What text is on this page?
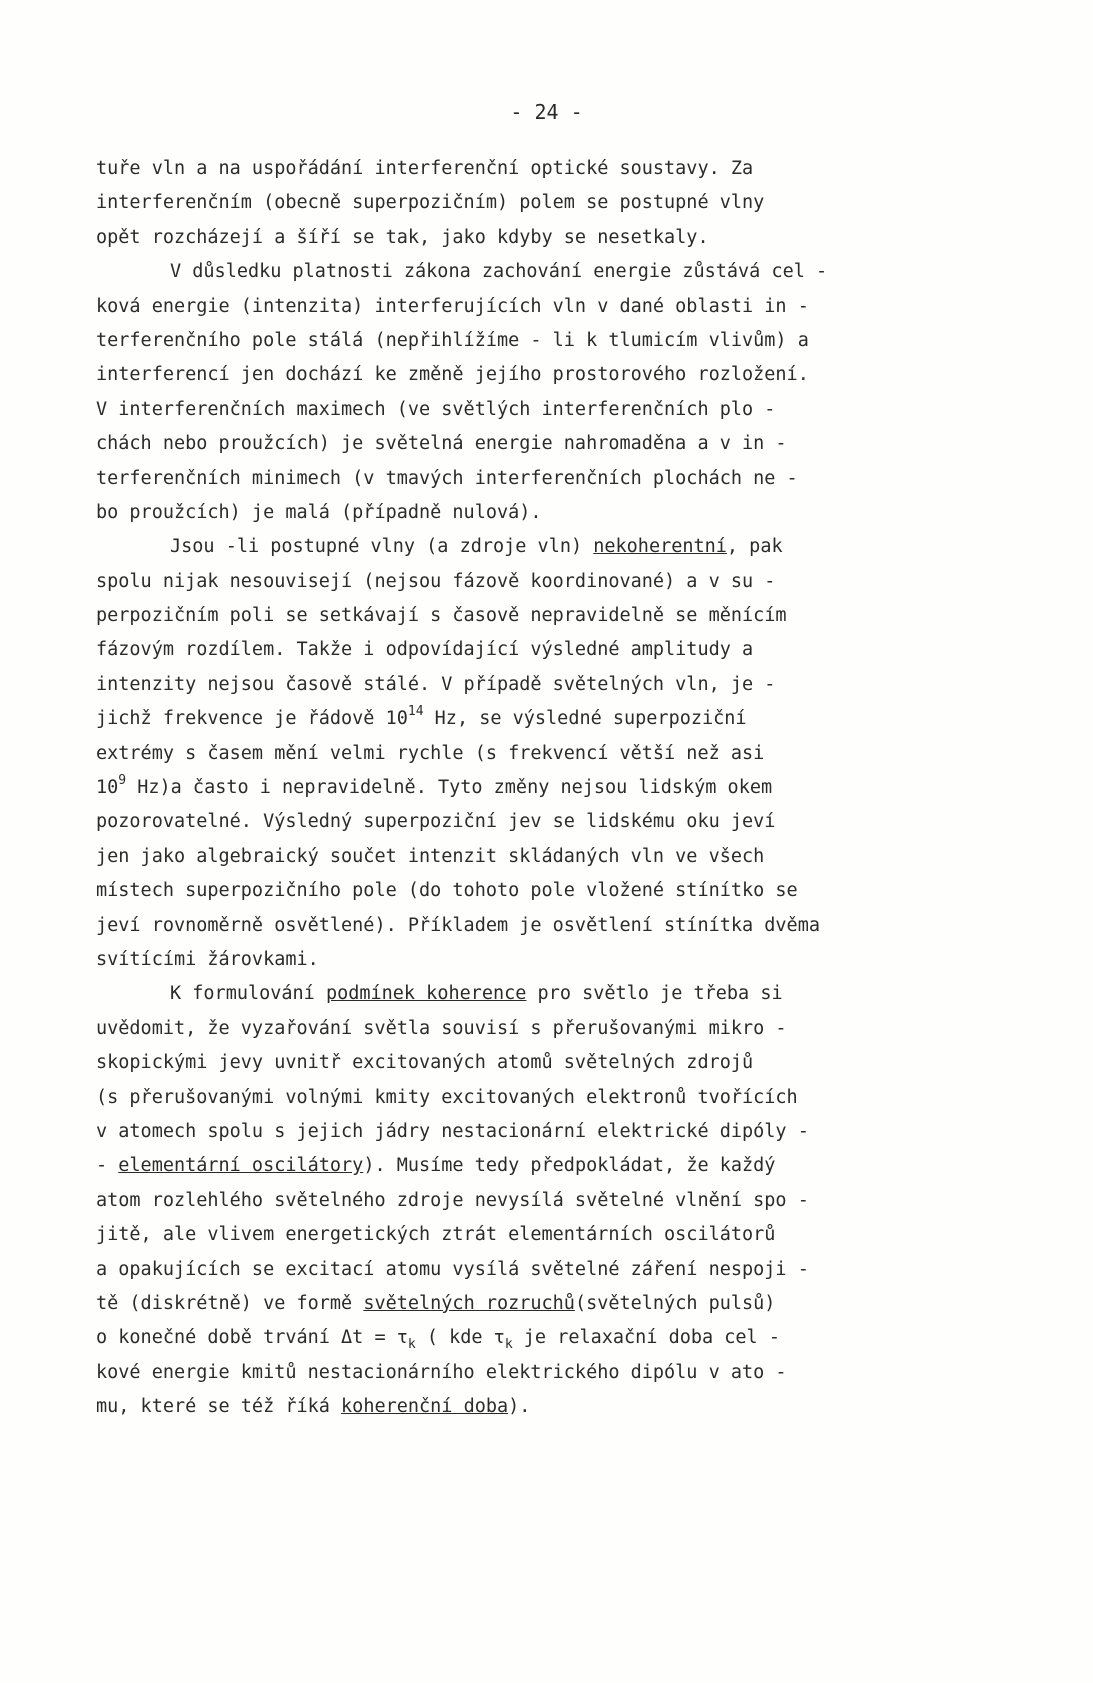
- 24 -
tuře vln a na uspořádání interferenční optické soustavy. Za
interferenčním (obecně superpozičním) polem se postupné vlny
opět rozcházejí a šíří se tak, jako kdyby se nesetkaly.
V důsledku platnosti zákona zachování energie zůstává cel -
ková energie (intenzita) interferujících vln v dané oblasti in -
terferenčního pole stálá (nepřihlížíme - li k tlumicím vlivům) a
interferencí jen dochází ke změně jejího prostorového rozložení.
V interferenčních maximech (ve světlých interferenčních plo -
chách nebo proužcích) je světelná energie nahromaděna a v in -
terferenčních minimech (v tmavých interferenčních plochách ne -
bo proužcích) je malá (případně nulová).
Jsou -li postupné vlny (a zdroje vln) nekoherentní, pak
spolu nijak nesouvisejí (nejsou fázově koordinované) a v su -
perpozičním poli se setkávají s časově nepravidelně se měnícím
fázovým rozdílem. Takže i odpovídající výsledné amplitudy a
intenzity nejsou časově stálé. V případě světelných vln, je -
jichž frekvence je řádově $10^{14}$ Hz, se výsledné superpoziční
extrémy s časem mění velmi rychle (s frekvencí větší než asi
$10^9$ Hz)a často i nepravidelně. Tyto změny nejsou lidským okem
pozorovatelné. Výsledný superpoziční jev se lidskému oku jeví
jen jako algebraický součet intenzit skládaných vln ve všech
místech superpozičního pole (do tohoto pole vložené stínítko se
jeví rovnoměrně osvětlené). Příkladem je osvětlení stínítka dvěma
svítícími žárovkami.
K formulování podmínek koherence pro světlo je třeba si
uvědomit, že vyzařování světla souvisí s přerušovanými mikro -
skopickými jevy uvnitř excitovaných atomů světelných zdrojů
(s přerušovanými volnými kmity excitovaných elektronů tvořících
v atomech spolu s jejich jádry nestacionární elektrické dipóly -
- elementární oscilátory). Musíme tedy předpokládat, že každý
atom rozlehlého světelného zdroje nevysílá světelné vlnění spo -
jitě, ale vlivem energetických ztrát elementárních oscilátorů
a opakujících se excitací atomu vysílá světelné záření nespoji -
tě (diskrétně) ve formě světelných rozruchů(světelných pulsů)
o konečné době trvání $\Delta t = \tau_k$ ( kde $\tau_k$ je relaxační doba cel -
kové energie kmitů nestacionárního elektrického dipólu v ato -
mu, které se též říká koherenční doba).
